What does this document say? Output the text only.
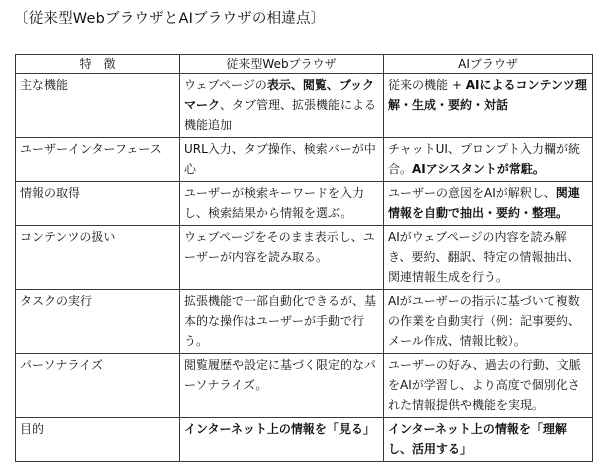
〔従来型WebブラウザとAIブラウザの相違点〕
特　徴	従来型Webブラウザ	AIブラウザ
主な機能	ウェブページの表示、閲覧、ブックマーク、タブ管理、拡張機能による機能追加	従来の機能 + AIによるコンテンツ理解・生成・要約・対話
ユーザーインターフェース	URL入力、タブ操作、検索バーが中心	チャットUI、プロンプト入力欄が統合。AIアシスタントが常駐。
情報の取得	ユーザーが検索キーワードを入力し、検索結果から情報を選ぶ。	ユーザーの意図をAIが解釈し、関連情報を自動で抽出・要約・整理。
コンテンツの扱い	ウェブページをそのまま表示し、ユーザーが内容を読み取る。	AIがウェブページの内容を読み解き、要約、翻訳、特定の情報抽出、関連情報生成を行う。
タスクの実行	拡張機能で一部自動化できるが、基本的な操作はユーザーが手動で行う。	AIがユーザーの指示に基づいて複数の作業を自動実行（例：記事要約、メール作成、情報比較）。
パーソナライズ	閲覧履歴や設定に基づく限定的なパーソナライズ。	ユーザーの好み、過去の行動、文脈をAIが学習し、より高度で個別化された情報提供や機能を実現。
目的	インターネット上の情報を「見る」	インターネット上の情報を「理解し、活用する」
